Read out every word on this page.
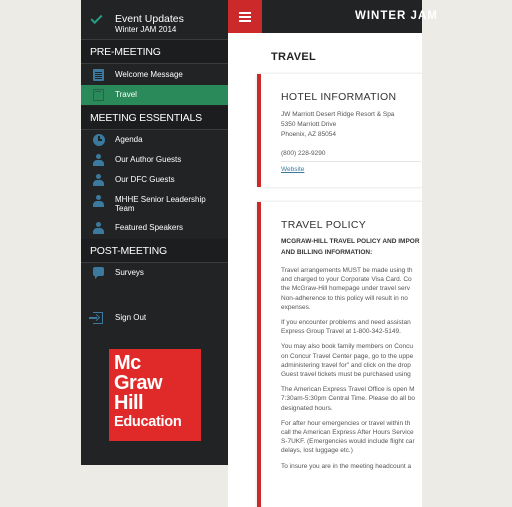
Event Updates
Winter JAM 2014
PRE-MEETING
Welcome Message
Travel
MEETING ESSENTIALS
Agenda
Our Author Guests
Our DFC Guests
MHHE Senior Leadership Team
Featured Speakers
POST-MEETING
Surveys
Sign Out
Mc
Graw
Hill
Education
WINTER JAM
TRAVEL
HOTEL INFORMATION
JW Marriott Desert Ridge Resort & Spa
5350 Marriott Drive
Phoenix, AZ 85054
(800) 228-9290
Website
TRAVEL POLICY
MCGRAW-HILL TRAVEL POLICY AND IMPOR
AND BILLING INFORMATION:
Travel arrangements MUST be made using th
and charged to your Corporate Visa Card. Co
the McGraw-Hill homepage under travel serv
Non-adherence to this policy will result in no
expenses.
If you encounter problems and need assistan
Express Group Travel at 1-800-342-5149.
You may also book family members on Concu
on Concur Travel Center page, go to the uppe
administering travel for" and click on the drop
Guest travel tickets must be purchased using
The American Express Travel Office is open M
7:30am-5:30pm Central Time. Please do all bo
designated hours.
For after hour emergencies or travel within th
call the American Express After Hours Service
S-7UKF. (Emergencies would include flight car
delays, lost luggage etc.)
To insure you are in the meeting headcount a
